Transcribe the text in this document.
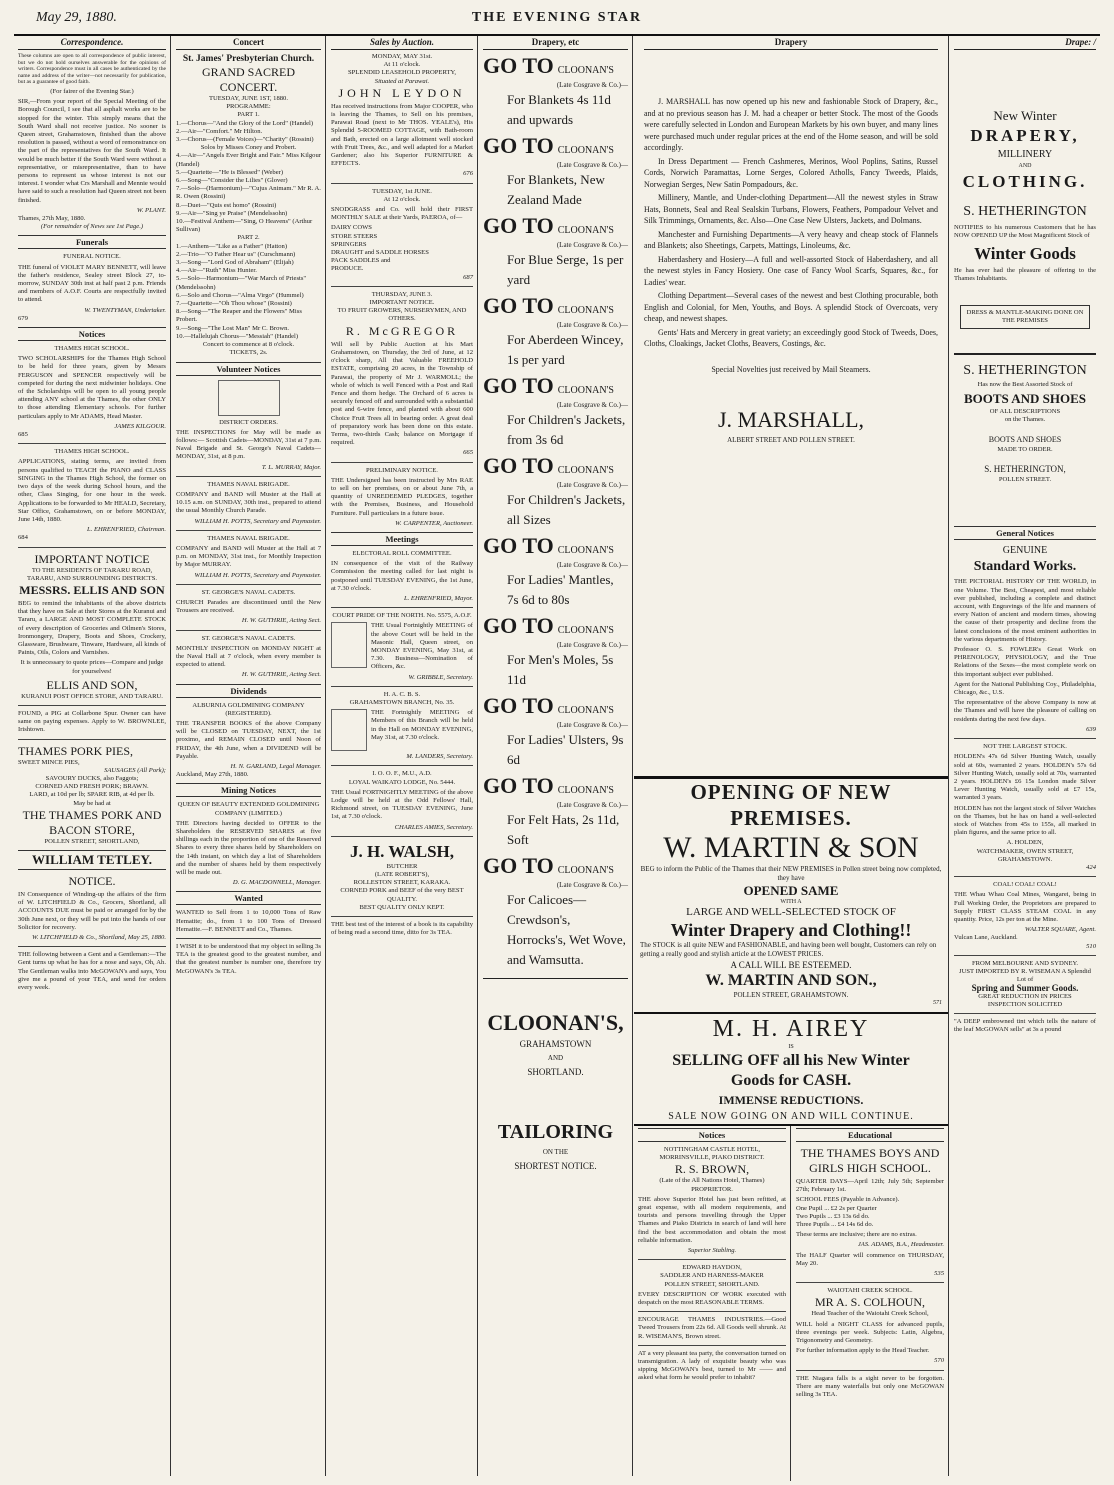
May 29, 1880.	THE EVENING STAR
Correspondence.

These columns are open to all correspondence of public interest, but we do not hold ourselves answerable for the opinions of writers. Correspondence must in all cases be authenticated by the name and address of the writer—not necessarily for publication, but as a guarantee of good faith.

(For fairer of the Evening Star.)

SIR,—From your report of the Special Meeting of the Borough Council, I see that all asphalt works are to be stopped for the winter. This simply means that the South Ward shall not receive justice. No sooner is Queen street, Grahamstown, finished than the above resolution is passed, without a word of remonstrance on the part of the representatives for the South Ward. It would be much better if the South Ward were without a representative, or misrepresentative, than to have persons to represent us whose interest is not our interest. I wonder what Crs Marshall and Mennie would have said to such a resolution had Queen street not been finished.

W. PLANT.
Thames, 27th May, 1880.
(For remainder of News see 1st Page.)
Funerals
FUNERAL NOTICE.

THE funeral of VIOLET MARY BENNETT, will leave the father's residence, Sealey street Block 27, to-morrow, SUNDAY 30th inst at half past 2 p.m. Friends and members of A.O.F. Courts are respectfully invited to attend.

W. TWENTYMAN, Undertaker.
679
Notices
THAMES HIGH SCHOOL.

TWO SCHOLARSHIPS for the Thames High School to be held for three years, given by Messrs FERGUSON and SPENCER respectively will be competed for during the next midwinter holidays. One of the Scholarships will be open to all young people attending ANY school at the Thames, the other ONLY to those attending Elementary schools. For further particulars apply to Mr ADAMS, Head Master.

JAMES KILGOUR.
685
THAMES HIGH SCHOOL.

APPLICATIONS, stating terms, are invited from persons qualified to TEACH the PIANO and CLASS SINGING in the Thames High School, the former on two days of the week during School hours, and the other, Class Singing, for one hour in the week. Applications to be forwarded to Mr HEALD, Secretary, Star Office, Grahamstown, on or before MONDAY, June 14th, 1880.

L. EHRENFRIED, Chairman.
684
IMPORTANT NOTICE
TO THE RESIDENTS OF TARARU ROAD, TARARU, AND SURROUNDING DISTRICTS.
MESSRS. ELLIS AND SON

BEG to remind the inhabitants of the above districts that they have on Sale at their Stores at the Kuranui and Tararu, a LARGE AND MOST COMPLETE STOCK of every description of Groceries and Oilmen's Stores, Ironmongery, Drapery, Boots and Shoes, Crockery, Glassware, Brushware, Tinware, Hardware, all kinds of Paints, Oils, Colors and Varnishes.

It is unnecessary to quote prices—Compare and judge for yourselves!

ELLIS AND SON,
KURANUI POST OFFICE STORE, AND TARARU.

FOUND, a PIG at Collarbone Spur. Owner can have same on paying expenses. Apply to W. BROWNLEE, Irishtown.

THAMES PORK PIES,
SWEET MINCE PIES,
SAUSAGES (All Pork);
SAVOURY DUCKS, also Faggots;
CORNED AND FRESH PORK; BRAWN.
LARD, at 10d per lb; SPARE RIB, at 4d per lb.
May be had at
THE THAMES PORK AND BACON STORE,
POLLEN STREET, SHORTLAND,
WILLIAM TETLEY.
NOTICE.

IN Consequence of Winding-up the affairs of the firm of W. LITCHFIELD & Co., Grocers, Shortland, all ACCOUNTS DUE must be paid or arranged for by the 30th June next, or they will be put into the hands of our Solicitor for recovery.

W. LITCHFIELD & Co., Shortland, May 25, 1880.

THE following between a Gent and a Gentleman:—The Gent turns up what he has for a nose and says, Oh, Ah. The Gentleman walks into McGOWAN's and says, You give me a pound of your TEA, and send for orders every week.

Concert
St. James' Presbyterian Church.
GRAND SACRED CONCERT.
TUESDAY, JUNE 1ST, 1880.
PROGRAMME:
PART 1.
1.—Chorus—"And the Glory of the Lord" (Handel)
2.—Air—"Comfort." Mr Hilton.
3.—Chorus—(Female Voices)—"Charity" (Rossini)
Solos by Misses Coney and Probert.
4.—Air—"Angels Ever Bright and Fair." Miss Kilgour (Handel)
5.—Quartette—"He is Blessed" (Weber)
6.—Song—"Consider the Lilies" (Glover)
7.—Solo—(Harmonium)—"Cujus Animam." Mr R. A. R. Owen (Rossini)
8.—Duet—"Quis est homo" (Rossini)
9.—Air—"Sing ye Praise" (Mendelssohn)
10.—Festival Anthem—"Sing, O Heavens" (Arthur Sullivan)
PART 2.
1.—Anthem—"Like as a Father" (Hatton)
2.—Trio—"O Father Hear us" (Curschmann)
3.—Song—"Lord God of Abraham" (Elijah)
4.—Air—"Ruth" Miss Hunter.
5.—Solo—Harmonium—"War March of Priests" (Mendelssohn)
6.—Solo and Chorus—"Alma Virgo" (Hummel)
7.—Quartette—"Oh Thou whose" (Rossini)
8.—Song—"The Reaper and the Flowers" Miss Probert.
9.—Song—"The Lost Man" Mr C. Brown.
10.—Hallelujah Chorus—"Messiah" (Handel)
Concert to commence at 8 o'clock.
TICKETS, 2s.
Volunteer Notices
DISTRICT ORDERS.

THE INSPECTIONS for May will be made as follows:— Scottish Cadets—MONDAY, 31st at 7 p.m. Naval Brigade and St. George's Naval Cadets—MONDAY, 31st, at 8 p.m.

T. L. MURRAY, Major.
THAMES NAVAL BRIGADE.

COMPANY and BAND will Muster at the Hall at 10.15 a.m. on SUNDAY, 30th inst., prepared to attend the usual Monthly Church Parade.

WILLIAM H. POTTS, Secretary and Paymaster.
THAMES NAVAL BRIGADE.

COMPANY and BAND will Muster at the Hall at 7 p.m. on MONDAY, 31st inst., for Monthly Inspection by Major MURRAY.

WILLIAM H. POTTS, Secretary and Paymaster.
ST. GEORGE'S NAVAL CADETS.

CHURCH Parades are discontinued until the New Trousers are received.

H. W. GUTHRIE, Acting Sect.
ST. GEORGE'S NAVAL CADETS.

MONTHLY INSPECTION on MONDAY NIGHT at the Naval Hall at 7 o'clock, when every member is expected to attend.

H. W. GUTHRIE, Acting Sect.
Dividends
ALBURNIA GOLDMINING COMPANY (REGISTERED).

THE TRANSFER BOOKS of the above Company will be CLOSED on TUESDAY, NEXT, the 1st proximo, and REMAIN CLOSED until Noon of FRIDAY, the 4th June, when a DIVIDEND will be Payable.

H. N. GARLAND, Legal Manager.
Auckland, May 27th, 1880.
Mining Notices
QUEEN OF BEAUTY EXTENDED GOLDMINING COMPANY (LIMITED.)

THE Directors having decided to OFFER to the Shareholders the RESERVED SHARES at five shillings each in the proportion of one of the Reserved Shares to every three shares held by Shareholders on the 14th instant, on which day a list of Shareholders and the number of shares held by them respectively will be made out.

D. G. MACDONNELL, Manager.
Wanted

WANTED to Sell from 1 to 10,000 Tons of Raw Hematite; do., from 1 to 100 Tons of Dressed Hematite.—F. BENNETT and Co., Thames.

I WISH it to be understood that my object in selling 3s TEA is the greatest good to the greatest number, and that the greatest number is number one, therefore try McGOWAN's 3s TEA.

Sales by Auction.
MONDAY, MAY 31st.
At 11 o'clock.
SPLENDID LEASEHOLD PROPERTY,
Situated at Parawai.
JOHN LEYDON

Has received instructions from Major COOPER, who is leaving the Thames, to Sell on his premises, Parawai Road (next to Mr THOS. YEALE's), His Splendid 5-ROOMED COTTAGE, with Bath-room and Bath, erected on a large allotment well stocked with Fruit Trees, &c., and well adapted for a Market Gardener; also his Superior FURNITURE & EFFECTS.

676
TUESDAY, 1st JUNE.
At 12 o'clock.

SNODGRASS and Co. will hold their FIRST MONTHLY SALE at their Yards, PAEROA, of—

DAIRY COWS
STORE STEERS
SPRINGERS
DRAUGHT and SADDLE HORSES
PACK SADDLES and
PRODUCE.
687
THURSDAY, JUNE 3.
IMPORTANT NOTICE.
TO FRUIT GROWERS, NURSERYMEN, AND OTHERS.
R. McGREGOR

Will sell by Public Auction at his Mart Grahamstown, on Thursday, the 3rd of June, at 12 o'clock sharp, All that Valuable FREEHOLD ESTATE, comprising 20 acres, in the Township of Parawai, the property of Mr J. WARMOLL; the whole of which is well Fenced with a Post and Rail Fence and thorn hedge. The Orchard of 6 acres is securely fenced off and surrounded with a substantial post and 6-wire fence, and planted with about 600 Choice Fruit Trees all in bearing order. A great deal of preparatory work has been done on this estate. Terms, two-thirds Cash; balance on Mortgage if required.

665
PRELIMINARY NOTICE.

THE Undersigned has been instructed by Mrs RAE to sell on her premises, on or about June 7th, a quantity of UNREDEEMED PLEDGES, together with the Premises, Business, and Household Furniture. Full particulars in a future issue.

W. CARPENTER, Auctioneer.
Meetings
ELECTORAL ROLL COMMITTEE.

IN consequence of the visit of the Railway Commission the meeting called for last night is postponed until TUESDAY EVENING, the 1st June, at 7.30 o'clock.

L. EHRENFRIED, Mayor.
COURT PRIDE OF THE NORTH. No. 5575, A.O.F.

THE Usual Fortnightly MEETING of the above Court will be held in the Masonic Hall, Queen street, on MONDAY EVENING, May 31st, at 7.30. Business—Nomination of Officers, &c.

W. GRIBBLE, Secretary.
H. A. C. B. S.
GRAHAMSTOWN BRANCH, No. 35.

THE Fortnightly MEETING of Members of this Branch will be held in the Hall on MONDAY EVENING, May 31st, at 7.30 o'clock.

M. LANDERS, Secretary.
I. O. O. F., M.U., A.D.
LOYAL WAIKATO LODGE, No. 5444.

THE Usual FORTNIGHTLY MEETING of the above Lodge will be held at the Odd Fellows' Hall, Richmond street, on TUESDAY EVENING, June 1st, at 7.30 o'clock.

CHARLES AMIES, Secretary.
J. H. WALSH,
BUTCHER
(LATE ROBERT'S),
ROLLESTON STREET, KARAKA.
CORNED PORK and BEEF of the very BEST QUALITY.
BEST QUALITY ONLY KEPT.

THE best test of the interest of a book is its capability of being read a second time, ditto for 3s TEA.

Drapery, etc
GO TO CLOONAN'S
(Late Cosgrave & Co.)—
For Blankets 4s 11d and upwards
GO TO CLOONAN'S
(Late Cosgrave & Co.)—
For Blankets, New Zealand Made
GO TO CLOONAN'S
(Late Cosgrave & Co.)—
For Blue Serge, 1s per yard
GO TO CLOONAN'S
(Late Cosgrave & Co.)—
For Aberdeen Wincey, 1s per yard
GO TO CLOONAN'S
(Late Cosgrave & Co.)—
For Children's Jackets, from 3s 6d
GO TO CLOONAN'S
(Late Cosgrave & Co.)—
For Children's Jackets, all Sizes
GO TO CLOONAN'S
(Late Cosgrave & Co.)—
For Ladies' Mantles, 7s 6d to 80s
GO TO CLOONAN'S
(Late Cosgrave & Co.)—
For Men's Moles, 5s 11d
GO TO CLOONAN'S
(Late Cosgrave & Co.)—
For Ladies' Ulsters, 9s 6d
GO TO CLOONAN'S
(Late Cosgrave & Co.)—
For Felt Hats, 2s 11d, Soft
GO TO CLOONAN'S
(Late Cosgrave & Co.)—
For Calicoes—Crewdson's, Horrocks's, Wet Wove, and Wamsutta.
CLOONAN'S,
GRAHAMSTOWN
AND
SHORTLAND.
TAILORING
ON THE
SHORTEST NOTICE.
Drapery

J. MARSHALL has now opened up his new and fashionable Stock of Drapery, &c., and at no previous season has J. M. had a cheaper or better Stock. The most of the Goods were carefully selected in London and European Markets by his own buyer, and many lines were purchased much under regular prices at the end of the Home season, and will be sold accordingly.

In Dress Department — French Cashmeres, Merinos, Wool Poplins, Satins, Russel Cords, Norwich Paramattas, Lorne Serges, Colored Atholls, Fancy Tweeds, Plaids, Norwegian Serges, New Satin Pompadours, &c.

Millinery, Mantle, and Under-clothing Department—All the newest styles in Straw Hats, Bonnets, Seal and Real Sealskin Turbans, Flowers, Feathers, Pompadour Velvet and Silk Trimmings, Ornaments, &c. Also—One Case New Ulsters, Jackets, and Dolmans.

Manchester and Furnishing Departments—A very heavy and cheap stock of Flannels and Blankets; also Sheetings, Carpets, Mattings, Linoleums, &c.

Haberdashery and Hosiery—A full and well-assorted Stock of Haberdashery, and all the newest styles in Fancy Hosiery. One case of Fancy Wool Scarfs, Squares, &c., for Ladies' wear.

Clothing Department—Several cases of the newest and best Clothing procurable, both English and Colonial, for Men, Youths, and Boys. A splendid Stock of Overcoats, very cheap, and newest shapes.

Gents' Hats and Mercery in great variety; an exceedingly good Stock of Tweeds, Does, Cloths, Cloakings, Jacket Cloths, Beavers, Costings, &c.

Special Novelties just received by Mail Steamers.
J. MARSHALL,
ALBERT STREET AND POLLEN STREET.
Drape: /
New Winter
DRAPERY,
MILLINERY
AND
CLOTHING.
S. HETHERINGTON

NOTIFIES to his numerous Customers that he has NOW OPENED UP the Most Magnificent Stock of

Winter Goods

He has ever had the pleasure of offering to the Thames Inhabitants.

DRESS & MANTLE-MAKING DONE ON THE PREMISES
S. HETHERINGTON
Has now the Best Assorted Stock of
BOOTS AND SHOES
OF ALL DESCRIPTIONS
on the Thames.
BOOTS AND SHOES
MADE TO ORDER.
S. HETHERINGTON,
POLLEN STREET.
General Notices
GENUINE
Standard Works.

THE PICTORIAL HISTORY OF THE WORLD, in one Volume. The Best, Cheapest, and most reliable ever published, including a complete and distinct account, with Engravings of the life and manners of every Nation of ancient and modern times, showing the cause of their prosperity and decline from the latest conclusions of the most eminent authorities in the various departments of History.

Professor O. S. FOWLER's Great Work on PHRENOLOGY, PHYSIOLOGY, and the True Relations of the Sexes—the most complete work on this important subject ever published.

Agent for the National Publishing Coy., Philadelphia, Chicago, &c., U.S.

The representative of the above Company is now at the Thames and will have the pleasure of calling on residents during the next few days.

639
NOT THE LARGEST STOCK.

HOLDEN's 47s 6d Silver Hunting Watch, usually sold at 60s, warranted 2 years. HOLDEN's 57s 6d Silver Hunting Watch, usually sold at 70s, warranted 2 years. HOLDEN's £6 15s London made Silver Lever Hunting Watch, usually sold at £7 15s, warranted 3 years.

HOLDEN has not the largest stock of Silver Watches on the Thames, but he has on hand a well-selected stock of Watches from 45s to 155s, all marked in plain figures, and the same price to all.

A. HOLDEN,
WATCHMAKER, OWEN STREET, GRAHAMSTOWN.
424
COAL! COAL! COAL!

THE Whau Whau Coal Mines, Wangarei, being in Full Working Order, the Proprietors are prepared to Supply FIRST CLASS STEAM COAL in any quantity. Price, 12s per ton at the Mine.

WALTER SQUARE, Agent.
Vulcan Lane, Auckland.
510
FROM MELBOURNE AND SYDNEY.
JUST IMPORTED BY R. WISEMAN A Splendid Lot of
Spring and Summer Goods.
GREAT REDUCTION IN PRICES
INSPECTION SOLICITED

"A DEEP embrowned tint which tells the nature of the leaf McGOWAN sells" at 3s a pound

OPENING OF NEW PREMISES.
W. MARTIN & SON
BEG to inform the Public of the Thames that their NEW PREMISES in Pollen street being now completed, they have
OPENED SAME
WITH A
LARGE AND WELL-SELECTED STOCK OF
Winter Drapery and Clothing!!
The STOCK is all quite NEW and FASHIONABLE, and having been well bought, Customers can rely on getting a really good and stylish article at the LOWEST PRICES.
A CALL WILL BE ESTEEMED.
W. MARTIN AND SON.,
POLLEN STREET, GRAHAMSTOWN.
571
M. H. AIREY
IS
SELLING OFF all his New Winter
Goods for CASH.
IMMENSE REDUCTIONS.
SALE NOW GOING ON AND WILL CONTINUE.
Notices
NOTTINGHAM CASTLE HOTEL, MORRINSVILLE, PIAKO DISTRICT.
R. S. BROWN,
(Late of the All Nations Hotel, Thames) PROPRIETOR.

THE above Superior Hotel has just been refitted, at great expense, with all modern requirements, and tourists and persons travelling through the Upper Thames and Piako Districts in search of land will here find the best accommodation and obtain the most reliable information.

Superior Stabling.
EDWARD HAYDON,
SADDLER AND HARNESS-MAKER
POLLEN STREET, SHORTLAND.

EVERY DESCRIPTION OF WORK executed with despatch on the most REASONABLE TERMS.

ENCOURAGE THAMES INDUSTRIES.—Good Tweed Trousers from 22s 6d. All Goods well shrunk. At R. WISEMAN'S, Brown street.

AT a very pleasant tea party, the conversation turned on transmigration. A lady of exquisite beauty who was sipping McGOWAN's best, turned to Mr —— and asked what form he would prefer to inhabit?

Educational
THE THAMES BOYS AND GIRLS HIGH SCHOOL.

QUARTER DAYS—April 12th; July 5th; September 27th; February 1st.

SCHOOL FEES (Payable in Advance).
One Pupil ... £2 2s per Quarter
Two Pupils ... £3 13s 6d do.
Three Pupils ... £4 14s 6d do.

These terms are inclusive; there are no extras.

JAS. ADAMS, B.A., Headmaster.

The HALF Quarter will commence on THURSDAY, May 20.

535
WAIOTAHI CREEK SCHOOL.
MR A. S. COLHOUN,
Head Teacher of the Waiotahi Creek School,

WILL hold a NIGHT CLASS for advanced pupils, three evenings per week. Subjects: Latin, Algebra, Trigonometry and Geometry.

For further information apply to the Head Teacher.

570

THE Niagara falls is a sight never to be forgotten. There are many waterfalls but only one McGOWAN selling 3s TEA.
